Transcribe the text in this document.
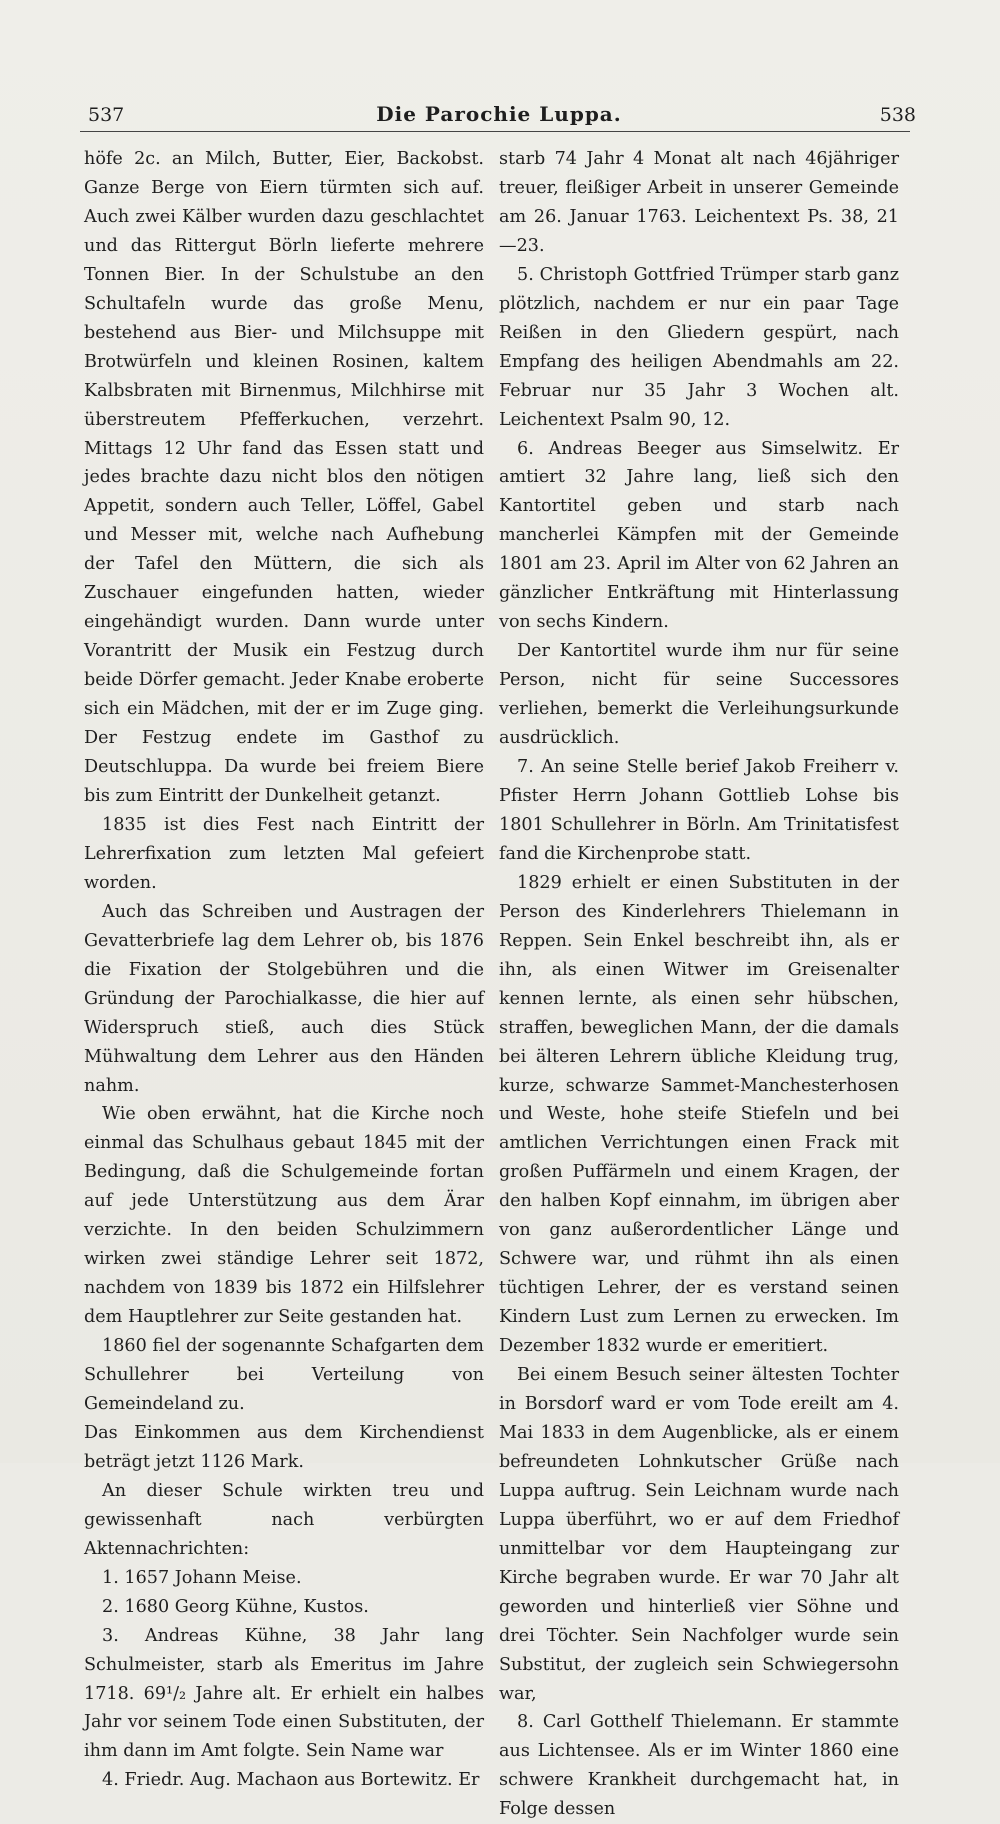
537	Die Parochie Luppa.	538

höfe 2c. an Milch, Butter, Eier, Backobst. Ganze Berge von Eiern türmten sich auf. Auch zwei Kälber wurden dazu geschlachtet und das Rittergut Börln lieferte mehrere Tonnen Bier. In der Schulstube an den Schultafeln wurde das große Menu, bestehend aus Bier- und Milchsuppe mit Brotwürfeln und kleinen Rosinen, kaltem Kalbsbraten mit Birnenmus, Milchhirse mit überstreutem Pfefferkuchen, verzehrt. Mittags 12 Uhr fand das Essen statt und jedes brachte dazu nicht blos den nötigen Appetit, sondern auch Teller, Löffel, Gabel und Messer mit, welche nach Aufhebung der Tafel den Müttern, die sich als Zuschauer eingefunden hatten, wieder eingehändigt wurden. Dann wurde unter Vorantritt der Musik ein Festzug durch beide Dörfer gemacht. Jeder Knabe eroberte sich ein Mädchen, mit der er im Zuge ging. Der Festzug endete im Gasthof zu Deutschluppa. Da wurde bei freiem Biere bis zum Eintritt der Dunkelheit getanzt.

1835 ist dies Fest nach Eintritt der Lehrerfixation zum letzten Mal gefeiert worden.

Auch das Schreiben und Austragen der Gevatterbriefe lag dem Lehrer ob, bis 1876 die Fixation der Stolgebühren und die Gründung der Parochialkasse, die hier auf Widerspruch stieß, auch dies Stück Mühwaltung dem Lehrer aus den Händen nahm.

Wie oben erwähnt, hat die Kirche noch einmal das Schulhaus gebaut 1845 mit der Bedingung, daß die Schulgemeinde fortan auf jede Unterstützung aus dem Ärar verzichte. In den beiden Schulzimmern wirken zwei ständige Lehrer seit 1872, nachdem von 1839 bis 1872 ein Hilfslehrer dem Hauptlehrer zur Seite gestanden hat.

1860 fiel der sogenannte Schafgarten dem Schullehrer bei Verteilung von Gemeindeland zu.

Das Einkommen aus dem Kirchendienst beträgt jetzt 1126 Mark.

An dieser Schule wirkten treu und gewissenhaft nach verbürgten Aktennachrichten:

1. 1657 Johann Meise.

2. 1680 Georg Kühne, Kustos.

3. Andreas Kühne, 38 Jahr lang Schulmeister, starb als Emeritus im Jahre 1718. 69¹/₂ Jahre alt. Er erhielt ein halbes Jahr vor seinem Tode einen Substituten, der ihm dann im Amt folgte. Sein Name war

4. Friedr. Aug. Machaon aus Bortewitz. Er

starb 74 Jahr 4 Monat alt nach 46jähriger treuer, fleißiger Arbeit in unserer Gemeinde am 26. Januar 1763. Leichentext Ps. 38, 21—23.

5. Christoph Gottfried Trümper starb ganz plötzlich, nachdem er nur ein paar Tage Reißen in den Gliedern gespürt, nach Empfang des heiligen Abendmahls am 22. Februar nur 35 Jahr 3 Wochen alt. Leichentext Psalm 90, 12.

6. Andreas Beeger aus Simselwitz. Er amtiert 32 Jahre lang, ließ sich den Kantortitel geben und starb nach mancherlei Kämpfen mit der Gemeinde 1801 am 23. April im Alter von 62 Jahren an gänzlicher Entkräftung mit Hinterlassung von sechs Kindern.

Der Kantortitel wurde ihm nur für seine Person, nicht für seine Successores verliehen, bemerkt die Verleihungsurkunde ausdrücklich.

7. An seine Stelle berief Jakob Freiherr v. Pfister Herrn Johann Gottlieb Lohse bis 1801 Schullehrer in Börln. Am Trinitatisfest fand die Kirchenprobe statt.

1829 erhielt er einen Substituten in der Person des Kinderlehrers Thielemann in Reppen. Sein Enkel beschreibt ihn, als er ihn, als einen Witwer im Greisenalter kennen lernte, als einen sehr hübschen, straffen, beweglichen Mann, der die damals bei älteren Lehrern übliche Kleidung trug, kurze, schwarze Sammet-Manchesterhosen und Weste, hohe steife Stiefeln und bei amtlichen Verrichtungen einen Frack mit großen Puffärmeln und einem Kragen, der den halben Kopf einnahm, im übrigen aber von ganz außerordentlicher Länge und Schwere war, und rühmt ihn als einen tüchtigen Lehrer, der es verstand seinen Kindern Lust zum Lernen zu erwecken. Im Dezember 1832 wurde er emeritiert.

Bei einem Besuch seiner ältesten Tochter in Borsdorf ward er vom Tode ereilt am 4. Mai 1833 in dem Augenblicke, als er einem befreundeten Lohnkutscher Grüße nach Luppa auftrug. Sein Leichnam wurde nach Luppa überführt, wo er auf dem Friedhof unmittelbar vor dem Haupteingang zur Kirche begraben wurde. Er war 70 Jahr alt geworden und hinterließ vier Söhne und drei Töchter. Sein Nachfolger wurde sein Substitut, der zugleich sein Schwiegersohn war,

8. Carl Gotthelf Thielemann. Er stammte aus Lichtensee. Als er im Winter 1860 eine schwere Krankheit durchgemacht hat, in Folge dessen
